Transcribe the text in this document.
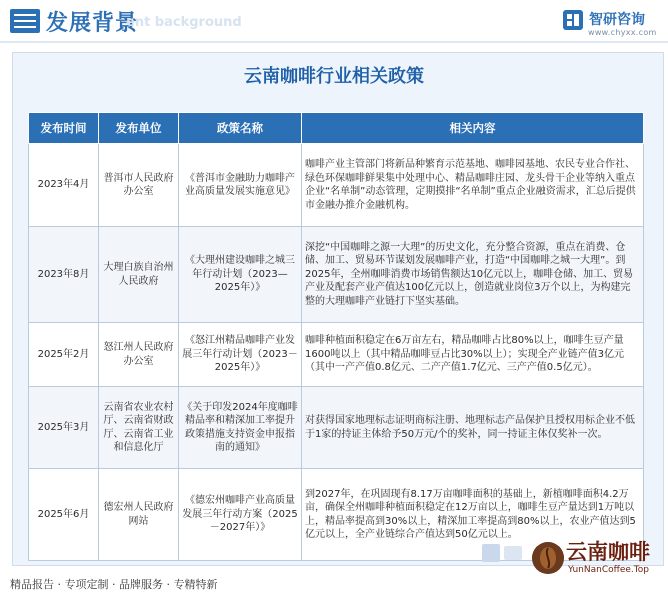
发展背景
ent background	智研咨询
www.chyxx.com
云南咖啡行业相关政策
发布时间	发布单位	政策名称	相关内容
2023年4月	普洱市人民政府办公室	《普洱市金融助力咖啡产业高质量发展实施意见》	咖啡产业主管部门将新品种繁育示范基地、咖啡园基地、农民专业合作社、绿色环保咖啡鲜果集中处理中心、精品咖啡庄园、龙头骨干企业等纳入重点企业“名单制”动态管理，定期摸排“名单制”重点企业融资需求，汇总后提供市金融办推介金融机构。
2023年8月	大理白族自治州人民政府	《大理州建设咖啡之城三年行动计划（2023—2025年）》	深挖“中国咖啡之源一大理”的历史文化，充分整合资源，重点在消费、仓储、加工、贸易环节谋划发展咖啡产业，打造“中国咖啡之城一大理”。到2025年，全州咖啡消费市场销售额达10亿元以上，咖啡仓储、加工、贸易产业及配套产业产值达100亿元以上，创造就业岗位3万个以上，为构建完整的大理咖啡产业链打下坚实基础。
2025年2月	怒江州人民政府办公室	《怒江州精品咖啡产业发展三年行动计划（2023－2025年）》	咖啡种植面积稳定在6万亩左右，精品咖啡占比80%以上，咖啡生豆产量1600吨以上（其中精品咖啡豆占比30%以上）；实现全产业链产值3亿元（其中一产产值0.8亿元、二产产值1.7亿元、三产产值0.5亿元）。
2025年3月	云南省农业农村厅、云南省财政厅、云南省工业和信息化厅	《关于印发2024年度咖啡精品率和精深加工率提升政策措施支持资金申报指南的通知》	对获得国家地理标志证明商标注册、地理标志产品保护且授权用标企业不低于1家的持证主体给予50万元/个的奖补，同一持证主体仅奖补一次。
2025年6月	德宏州人民政府网站	《德宏州咖啡产业高质量发展三年行动方案（2025－2027年）》	到2027年，在巩固现有8.17万亩咖啡面积的基础上，新植咖啡面积4.2万亩，确保全州咖啡种植面积稳定在12万亩以上，咖啡生豆产量达到1万吨以上，精品率提高到30%以上，精深加工率提高到80%以上，农业产值达到5亿元以上，全产业链综合产值达到50亿元以上。
精品报告 · 专项定制 · 品牌服务 · 专精特新
云南咖啡
YunNanCoffee.Top
